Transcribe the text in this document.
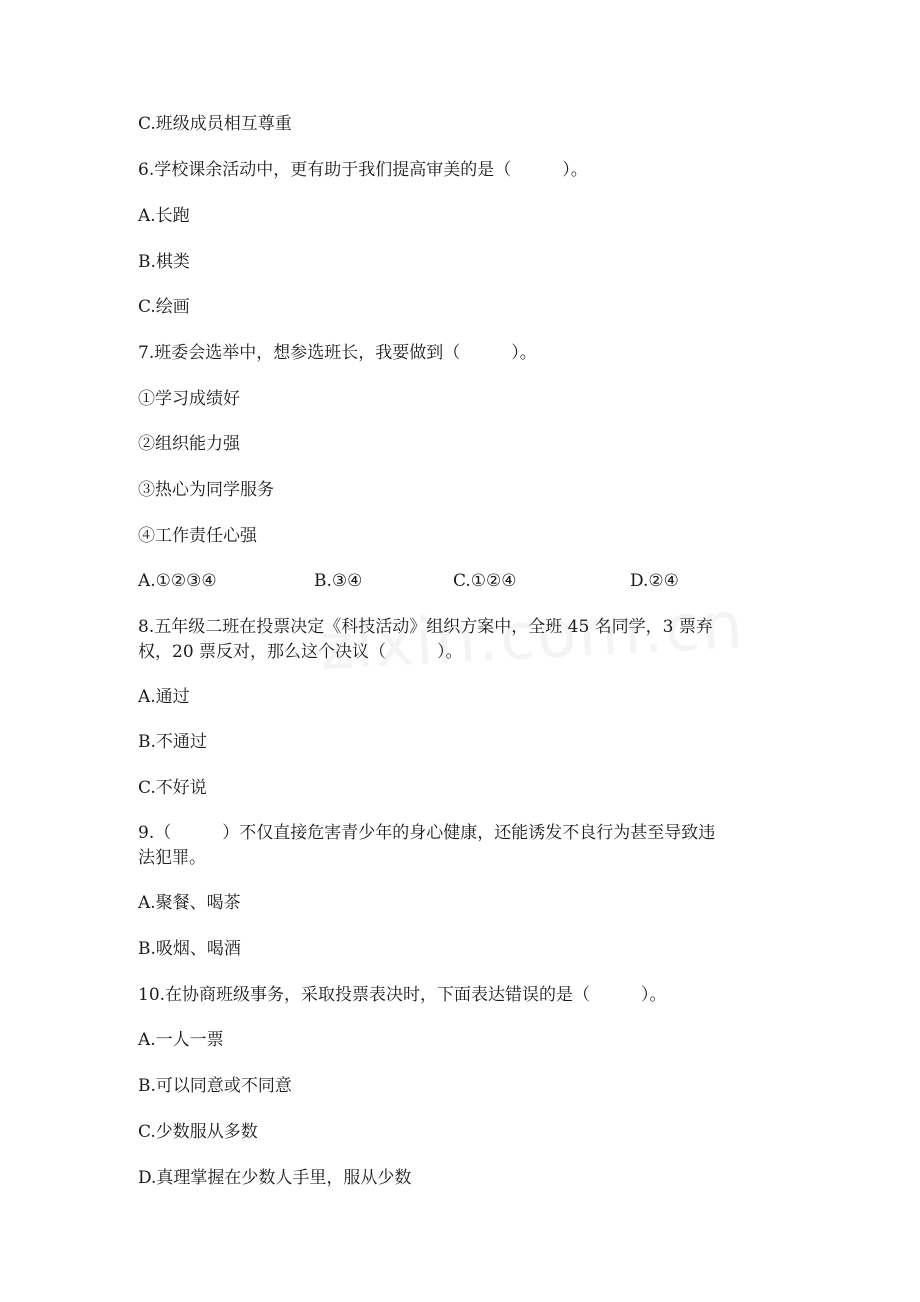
C.班级成员相互尊重
6.学校课余活动中，更有助于我们提高审美的是（　　　）。
A.长跑
B.棋类
C.绘画
7.班委会选举中，想参选班长，我要做到（　　　）。
①学习成绩好
②组织能力强
③热心为同学服务
④工作责任心强
A.①②③④	B.③④	C.①②④	D.②④
8.五年级二班在投票决定《科技活动》组织方案中，全班 45 名同学，3 票弃
权，20 票反对，那么这个决议（　　　）。
A.通过
B.不通过
C.不好说
9.（　　　）不仅直接危害青少年的身心健康，还能诱发不良行为甚至导致违
法犯罪。
A.聚餐、喝茶
B.吸烟、喝酒
10.在协商班级事务，采取投票表决时，下面表达错误的是（　　　）。
A.一人一票
B.可以同意或不同意
C.少数服从多数
D.真理掌握在少数人手里，服从少数
